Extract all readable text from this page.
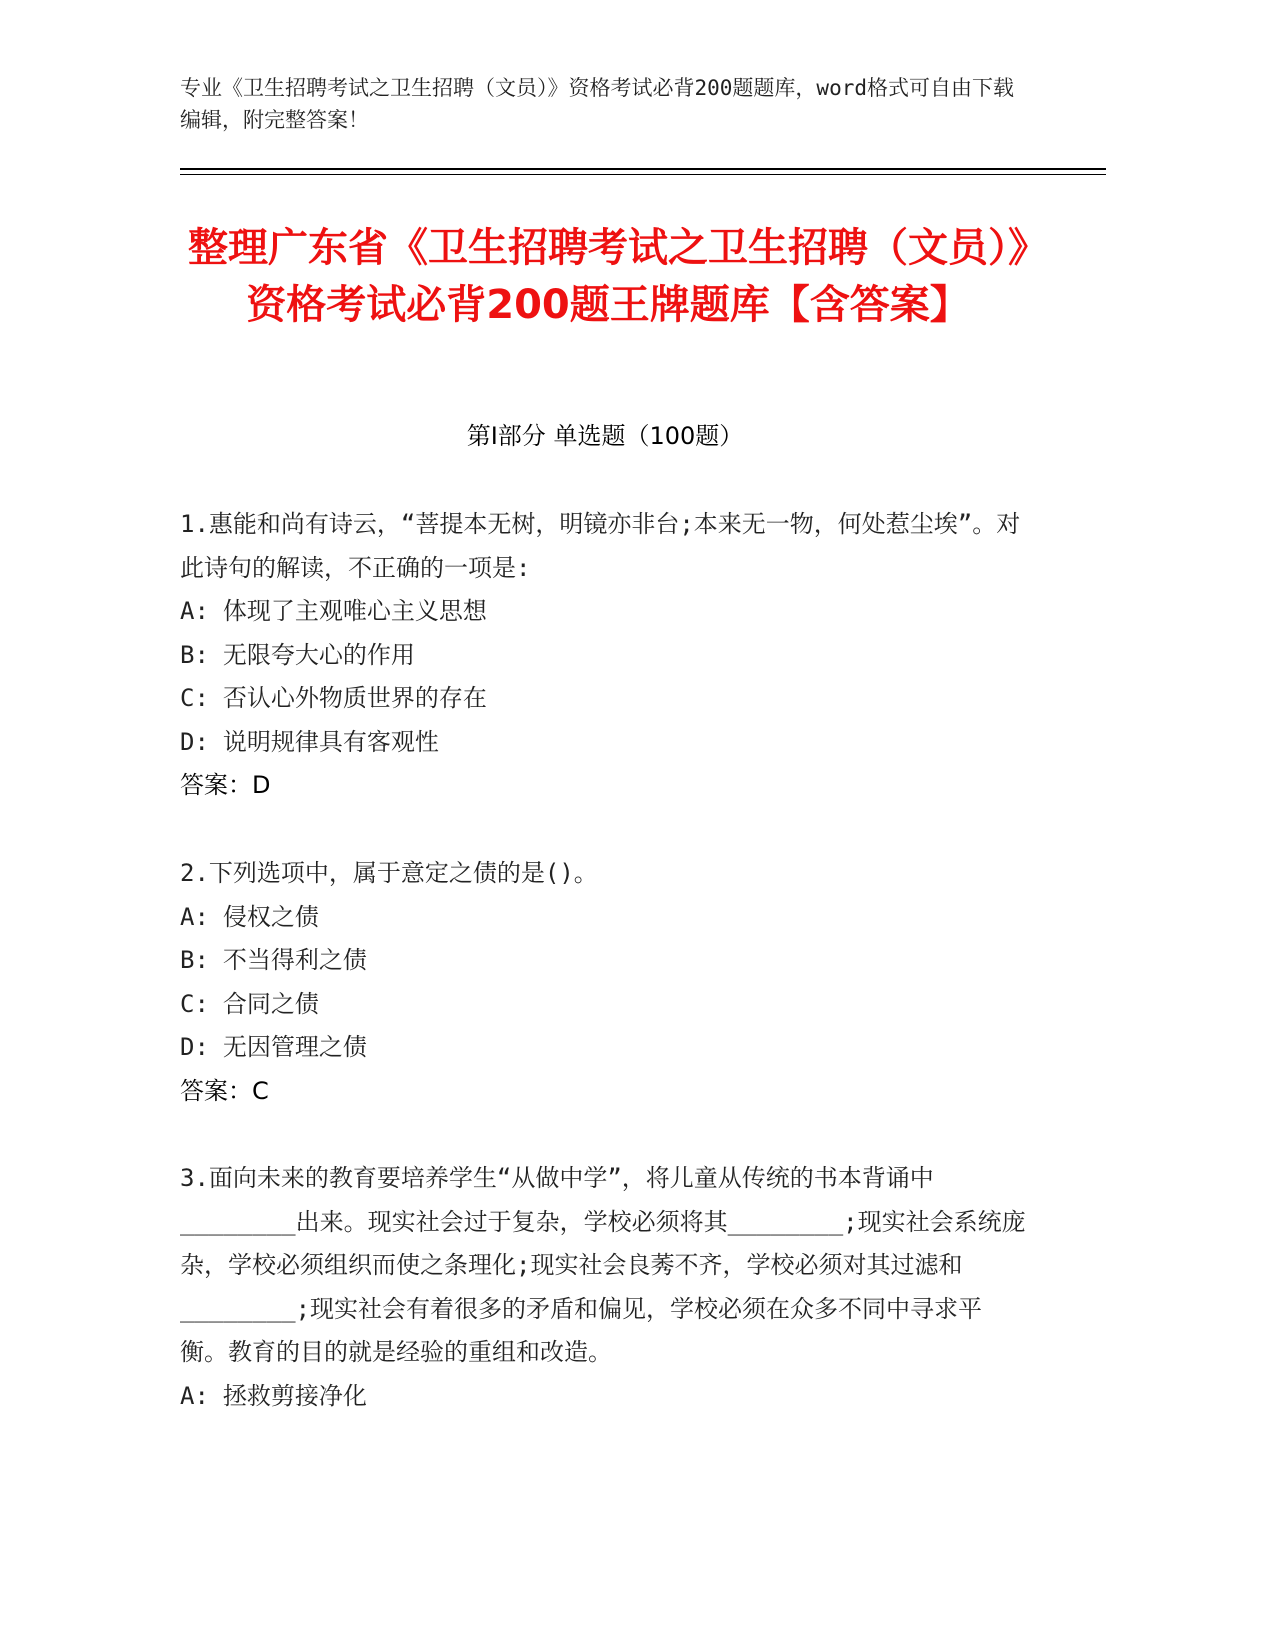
专业《卫生招聘考试之卫生招聘（文员）》资格考试必背200题题库，word格式可自由下载编辑，附完整答案！
整理广东省《卫生招聘考试之卫生招聘（文员）》资格考试必背200题王牌题库【含答案】
第I部分 单选题（100题）

1.惠能和尚有诗云，“菩提本无树，明镜亦非台;本来无一物，何处惹尘埃”。对此诗句的解读，不正确的一项是:

A : 体现了主观唯心主义思想

B : 无限夸大心的作用

C : 否认心外物质世界的存在

D : 说明规律具有客观性

答案：D

2.下列选项中，属于意定之债的是()。

A : 侵权之债

B : 不当得利之债

C : 合同之债

D : 无因管理之债

答案：C

3.面向未来的教育要培养学生“从做中学”，将儿童从传统的书本背诵中________出来。现实社会过于复杂，学校必须将其________;现实社会系统庞杂，学校必须组织而使之条理化;现实社会良莠不齐，学校必须对其过滤和________;现实社会有着很多的矛盾和偏见，学校必须在众多不同中寻求平衡。教育的目的就是经验的重组和改造。

A : 拯救剪接净化
